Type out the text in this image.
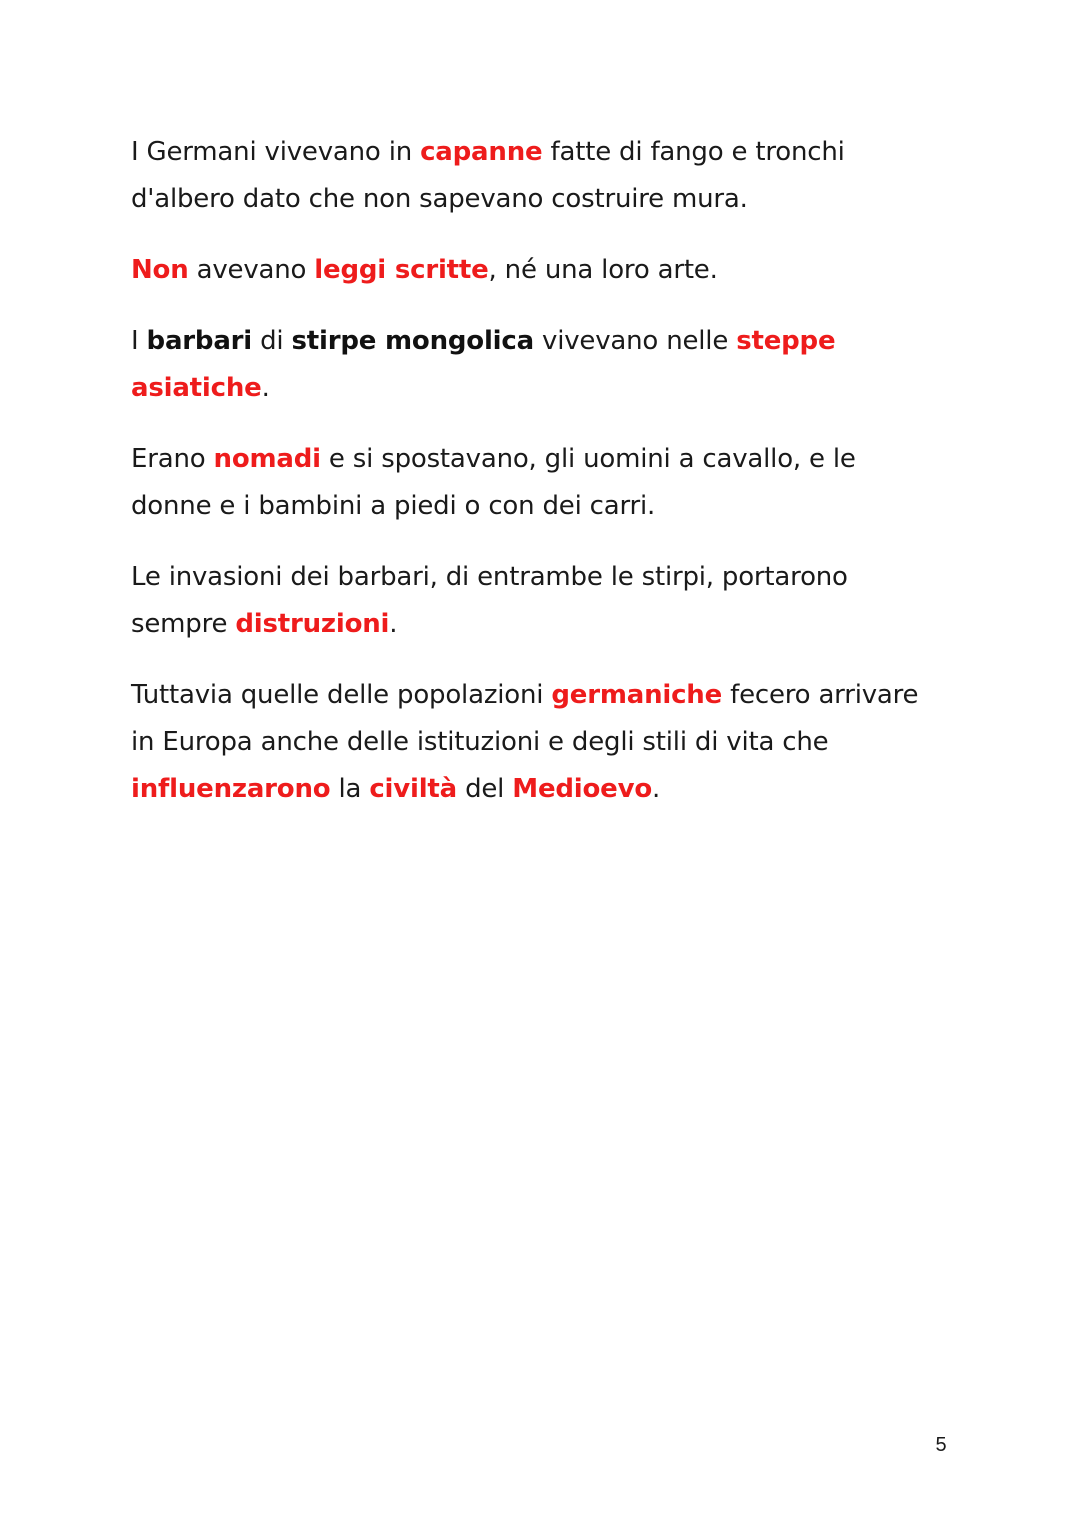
I Germani vivevano in capanne fatte di fango e tronchi d'albero dato che non sapevano costruire mura.

Non avevano leggi scritte, né una loro arte.

I barbari di stirpe mongolica vivevano nelle steppe asiatiche.

Erano nomadi e si spostavano, gli uomini a cavallo, e le donne e i bambini a piedi o con dei carri.

Le invasioni dei barbari, di entrambe le stirpi, portarono sempre distruzioni.

Tuttavia quelle delle popolazioni germaniche fecero arrivare in Europa anche delle istituzioni e degli stili di vita che influenzarono la civiltà del Medioevo.

5
